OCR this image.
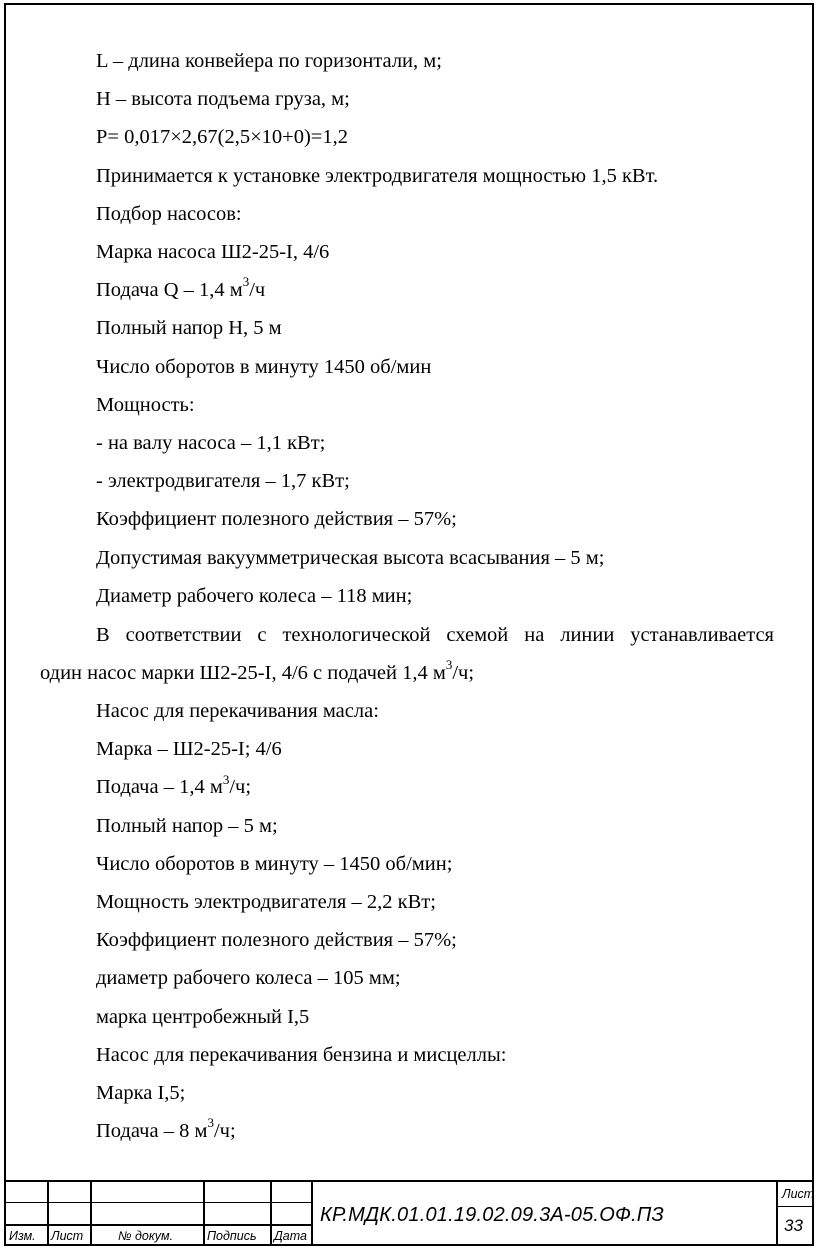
L – длина конвейера по горизонтали, м;
H – высота подъема груза, м;
P= 0,017×2,67(2,5×10+0)=1,2
Принимается к установке электродвигателя мощностью 1,5 кВт.
Подбор насосов:
Марка насоса Ш2-25-I, 4/6
Подача Q – 1,4 $м^3/ч$
Полный напор H, 5 м
Число оборотов в минуту 1450 об/мин
Мощность:
- на валу насоса – 1,1 кВт;
- электродвигателя – 1,7 кВт;
Коэффициент полезного действия – 57%;
Допустимая вакуумметрическая высота всасывания – 5 м;
Диаметр рабочего колеса – 118 мин;
В соответствии с технологической схемой на линии устанавливается
один насос марки Ш2-25-I, 4/6 с подачей 1,4 $м^3/ч$;
Насос для перекачивания масла:
Марка – Ш2-25-I; 4/6
Подача – 1,4 $м^3/ч$;
Полный напор – 5 м;
Число оборотов в минуту – 1450 об/мин;
Мощность электродвигателя – 2,2 кВт;
Коэффициент полезного действия – 57%;
диаметр рабочего колеса – 105 мм;
марка центробежный I,5
Насос для перекачивания бензина и мисцеллы:
Марка I,5;
Подача – 8 $м^3/ч$;
Изм. Лист	№ докум.	Подпись Дата
КР.МДК.01.01.19.02.09.3А-05.ОФ.ПЗ
Лист
33
